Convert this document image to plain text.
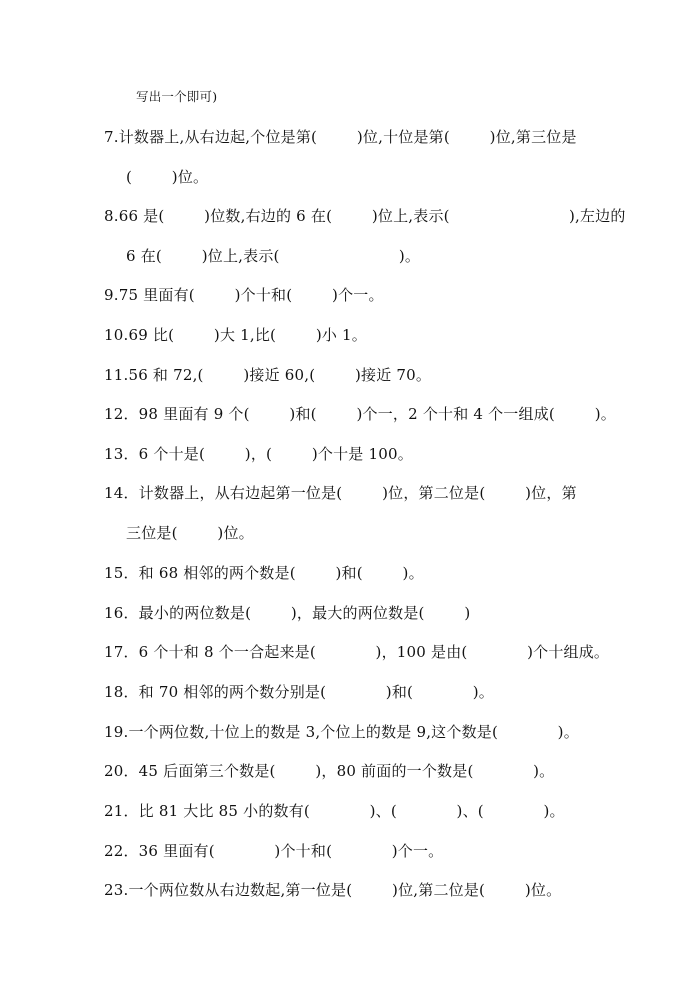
写出一个即可)
7.计数器上,从右边起,个位是第(        )位,十位是第(        )位,第三位是
(        )位。
8.66 是(        )位数,右边的 6 在(        )位上,表示(                        ),左边的
6 在(        )位上,表示(                        )。
9.75 里面有(        )个十和(        )个一。
10.69 比(        )大 1,比(        )小 1。
11.56 和 72,(        )接近 60,(        )接近 70。
12．98 里面有 9 个(        )和(        )个一，2 个十和 4 个一组成(        )。
13．6 个十是(        )，(        )个十是 100。
14．计数器上，从右边起第一位是(        )位，第二位是(        )位，第
三位是(        )位。
15．和 68 相邻的两个数是(        )和(        )。
16．最小的两位数是(        )，最大的两位数是(        )
17．6 个十和 8 个一合起来是(            )，100 是由(            )个十组成。
18．和 70 相邻的两个数分别是(            )和(            )。
19.一个两位数,十位上的数是 3,个位上的数是 9,这个数是(            )。
20．45 后面第三个数是(        )，80 前面的一个数是(            )。
21．比 81 大比 85 小的数有(            )、(            )、(            )。
22．36 里面有(            )个十和(            )个一。
23.一个两位数从右边数起,第一位是(        )位,第二位是(        )位。
